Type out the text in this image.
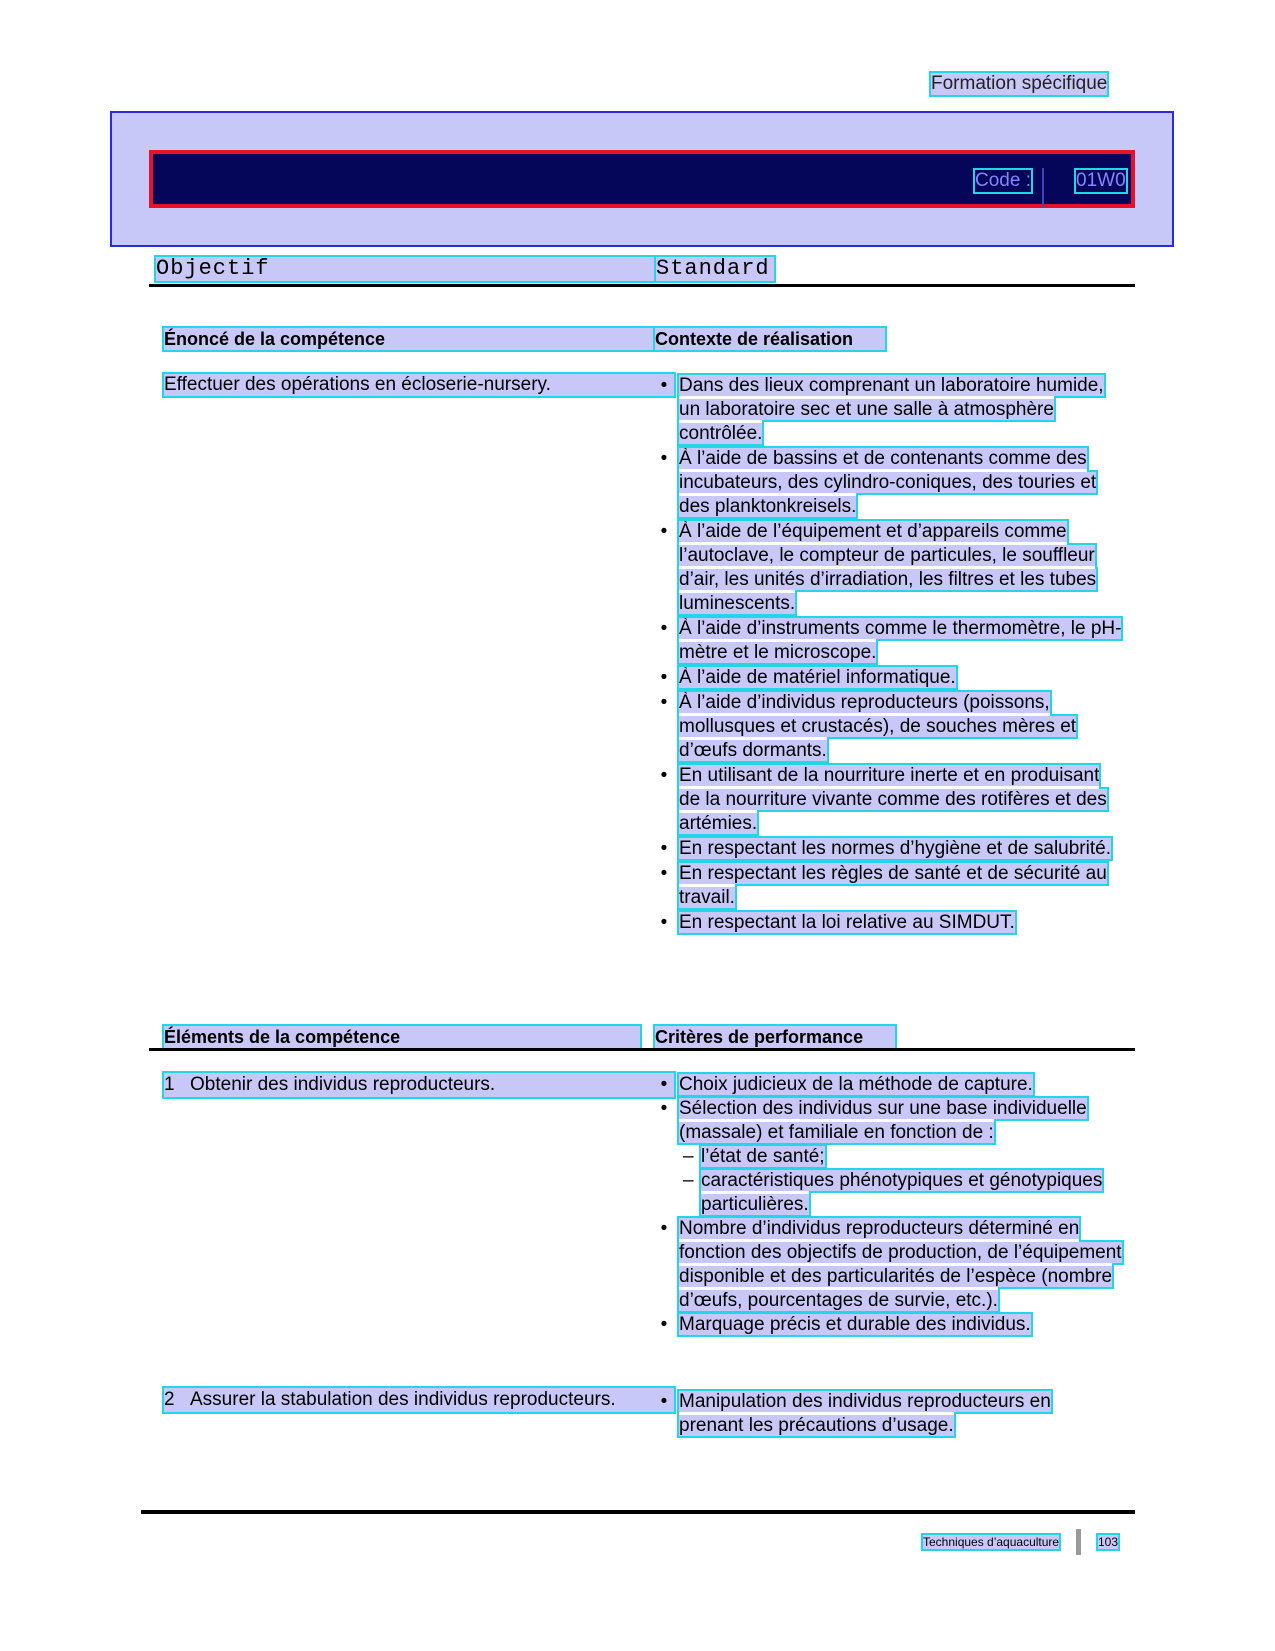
Formation spécifique
Code : 01W0
Objectif	Standard
Énoncé de la compétence	Contexte de réalisation
Effectuer des opérations en écloserie-nursery.	• Dans des lieux comprenant un laboratoire humide, un laboratoire sec et une salle à atmosphère contrôlée.
• À l’aide de bassins et de contenants comme des incubateurs, des cylindro-coniques, des touries et des planktonkreisels.
• À l’aide de l’équipement et d’appareils comme l’autoclave, le compteur de particules, le souffleur d’air, les unités d’irradiation, les filtres et les tubes luminescents.
• À l’aide d’instruments comme le thermomètre, le pH-mètre et le microscope.
• À l’aide de matériel informatique.
• À l’aide d’individus reproducteurs (poissons, mollusques et crustacés), de souches mères et d’œufs dormants.
• En utilisant de la nourriture inerte et en produisant de la nourriture vivante comme des rotifères et des artémies.
• En respectant les normes d’hygiène et de salubrité.
• En respectant les règles de santé et de sécurité au travail.
• En respectant la loi relative au SIMDUT.
Éléments de la compétence	Critères de performance
1 Obtenir des individus reproducteurs.	• Choix judicieux de la méthode de capture.
• Sélection des individus sur une base individuelle (massale) et familiale en fonction de :
– l’état de santé;
– caractéristiques phénotypiques et génotypiques particulières.
• Nombre d’individus reproducteurs déterminé en fonction des objectifs de production, de l’équipement disponible et des particularités de l’espèce (nombre d’œufs, pourcentages de survie, etc.).
• Marquage précis et durable des individus.
2 Assurer la stabulation des individus reproducteurs. • Manipulation des individus reproducteurs en prenant les précautions d’usage.
Techniques d’aquaculture	103
